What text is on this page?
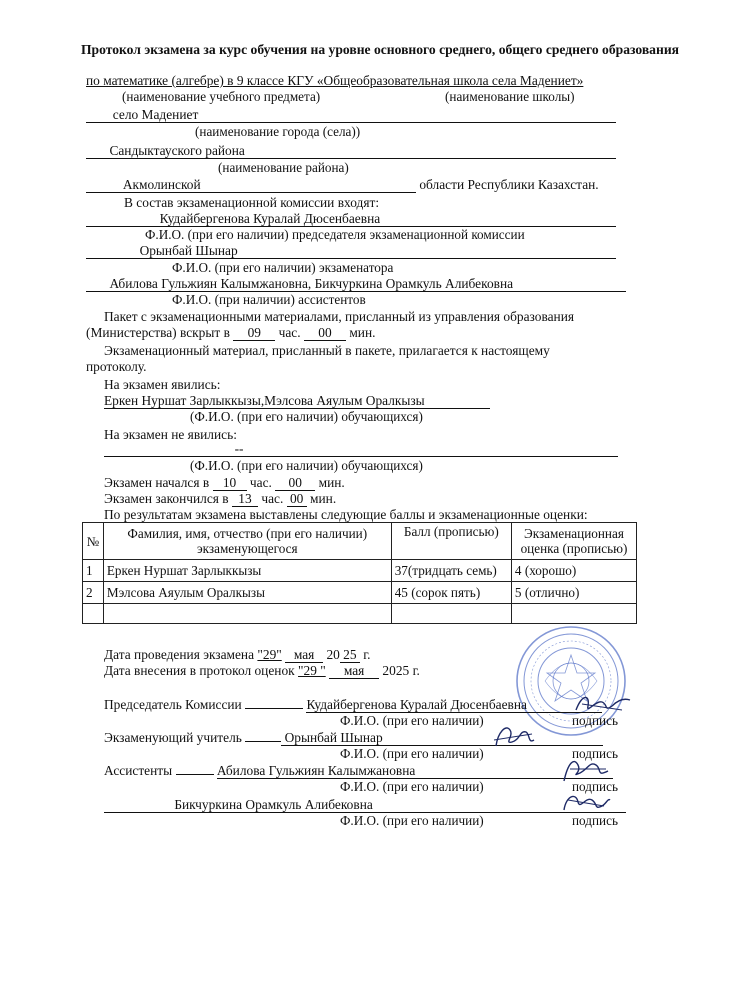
Протокол экзамена за курс обучения на уровне основного среднего, общего среднего образования
по математике (алгебре) в 9 классе КГУ «Общеобразовательная школа села Мадениет»
(наименование учебного предмета)	(наименование школы)
село Мадениет
(наименование города (села))
Сандыктауского района
(наименование района)
Акмолинской	области Республики Казахстан.
В состав экзаменационной комиссии входят:
Кудайбергенова Куралай Дюсенбаевна
Ф.И.О. (при его наличии) председателя экзаменационной комиссии
Орынбай Шынар
Ф.И.О. (при его наличии) экзаменатора
Абилова Гульжиян Калымжановна, Бикчуркина Орамкуль Алибековна
Ф.И.О. (при наличии) ассистентов
Пакет с экзаменационными материалами, присланный из управления образования
(Министерства) вскрыт в 09 час. 00 мин.
Экзаменационный материал, присланный в пакете, прилагается к настоящему
протоколу.
На экзамен явились:
Еркен Нуршат Зарлыккызы,Мэлсова Аяулым Оралкызы
(Ф.И.О. (при его наличии) обучающихся)
На экзамен не явились:
--
(Ф.И.О. (при его наличии) обучающихся)
Экзамен начался в 10 час. 00 мин.
Экзамен закончился в 13 час. 00 мин.
По результатам экзамена выставлены следующие баллы и экзаменационные оценки:
№	Фамилия, имя, отчество (при его наличии) экзаменующегося	Балл (прописью)	Экзаменационная оценка (прописью)
1	Еркен Нуршат Зарлыккызы	37(тридцать семь)	4 (хорошо)
2	Мэлсова Аяулым Оралкызы	45 (сорок пять)	5 (отлично)

Дата проведения экзамена "29" мая 20 25 г.
Дата внесения в протокол оценок "29 " мая 2025 г.
Председатель Комиссии	Кудайбергенова Куралай Дюсенбаевна
Ф.И.О. (при его наличии)	подпись
Экзаменующий учитель	Орынбай Шынар
Ф.И.О. (при его наличии)	подпись
Ассистенты	Абилова Гульжиян Калымжановна
Ф.И.О. (при его наличии)	подпись
Бикчуркина Орамкуль Алибековна
Ф.И.О. (при его наличии)	подпись
